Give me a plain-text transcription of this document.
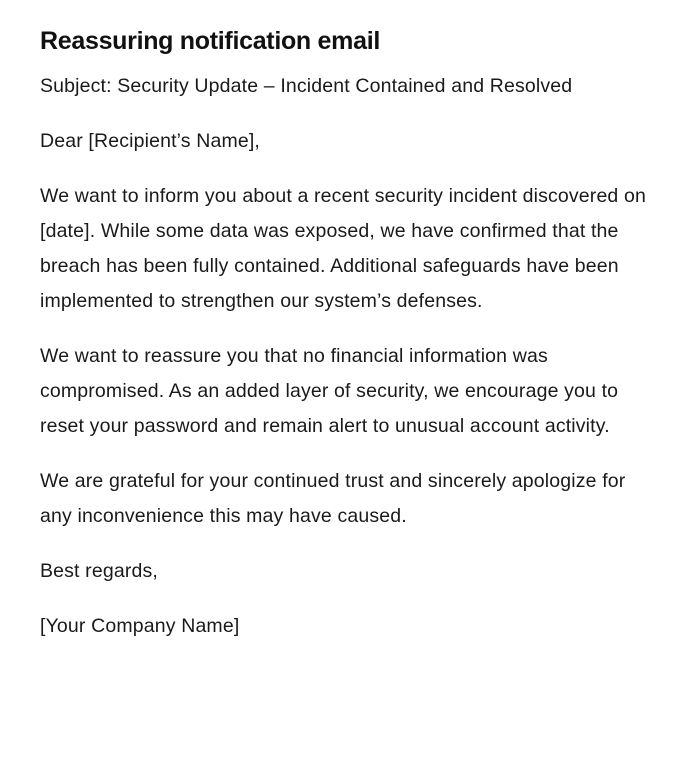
Reassuring notification email

Subject: Security Update – Incident Contained and Resolved

Dear [Recipient’s Name],

We want to inform you about a recent security incident discovered on [date]. While some data was exposed, we have confirmed that the breach has been fully contained. Additional safeguards have been implemented to strengthen our system’s defenses.

We want to reassure you that no financial information was compromised. As an added layer of security, we encourage you to reset your password and remain alert to unusual account activity.

We are grateful for your continued trust and sincerely apologize for any inconvenience this may have caused.

Best regards,

[Your Company Name]
